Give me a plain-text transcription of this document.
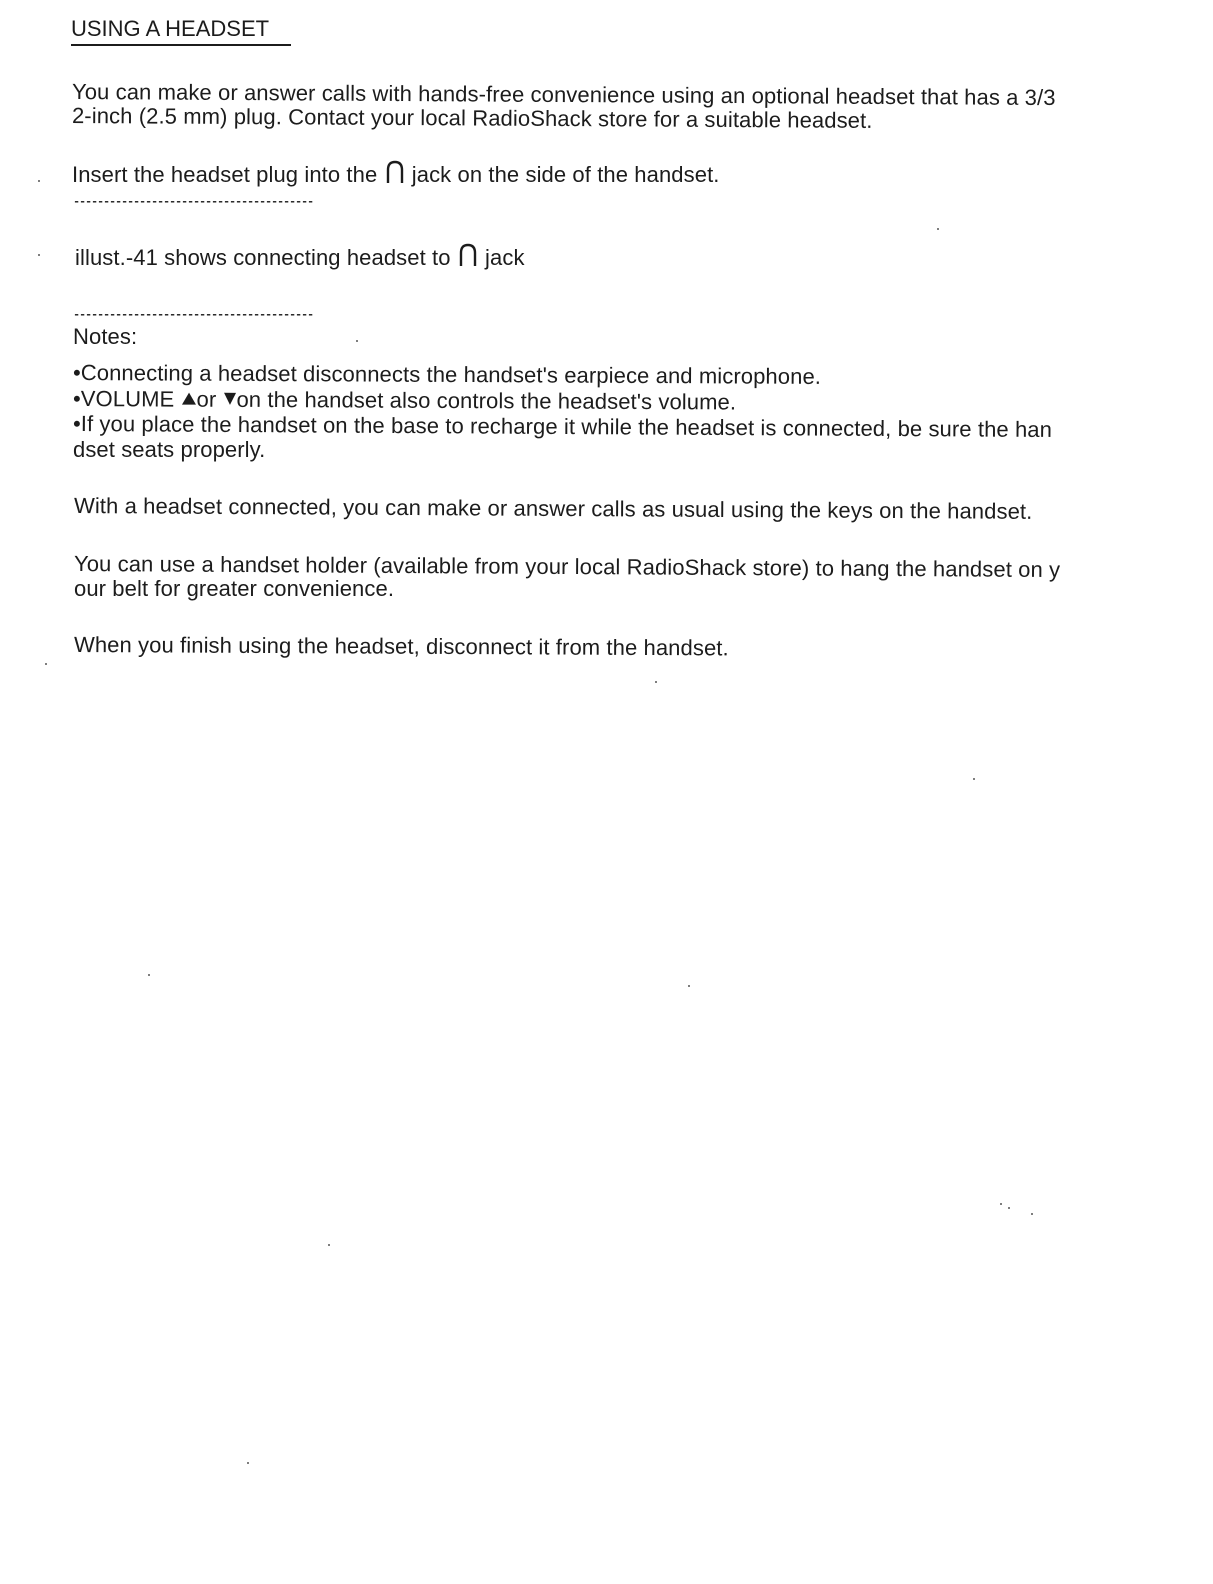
USING A HEADSET
You can make or answer calls with hands-free convenience using an optional headset that has a 3/3
2-inch (2.5 mm) plug. Contact your local RadioShack store for a suitable headset.
Insert the headset plug into the jack on the side of the handset.
----------------------------------------
illust.-41 shows connecting headset to jack
----------------------------------------
Notes:
•Connecting a headset disconnects the handset's earpiece and microphone.
•VOLUME or on the handset also controls the headset's volume.
•If you place the handset on the base to recharge it while the headset is connected, be sure the han
dset seats properly.
With a headset connected, you can make or answer calls as usual using the keys on the handset.
You can use a handset holder (available from your local RadioShack store) to hang the handset on y
our belt for greater convenience.
When you finish using the headset, disconnect it from the handset.
